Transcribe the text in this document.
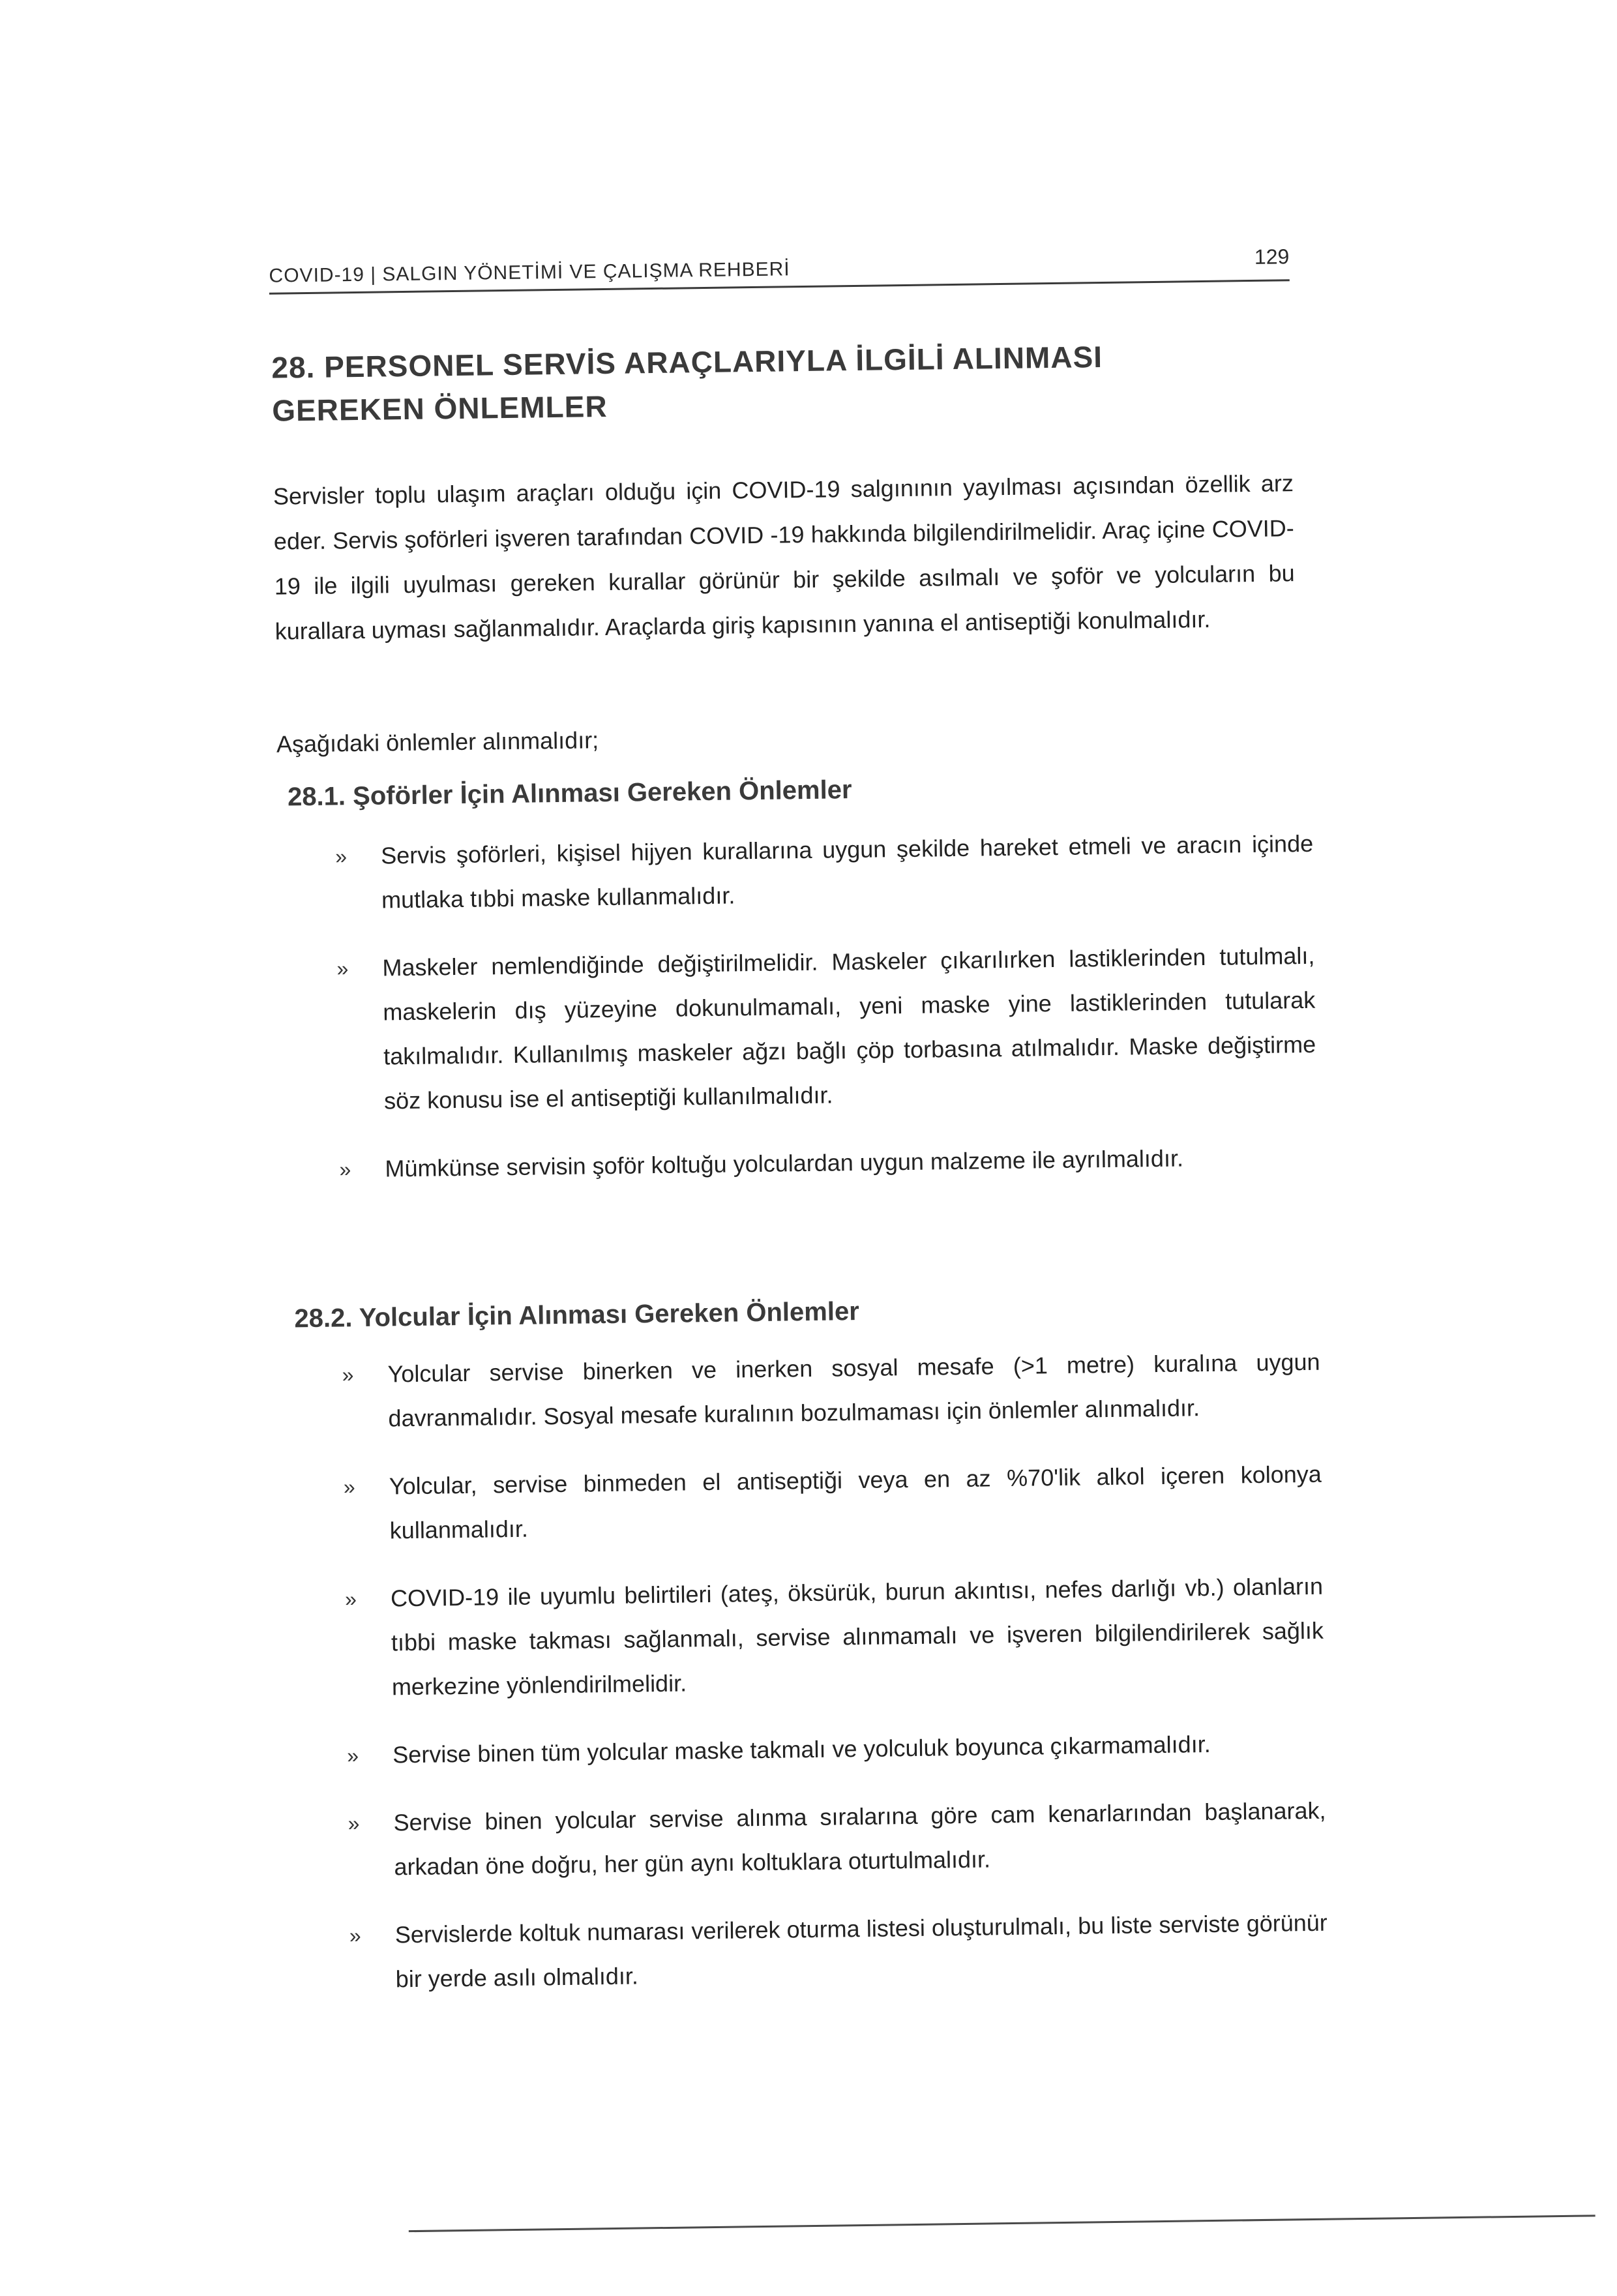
COVID-19 | SALGIN YÖNETİMİ VE ÇALIŞMA REHBERİ
129
28. PERSONEL SERVİS ARAÇLARIYLA İLGİLİ ALINMASI GEREKEN ÖNLEMLER

Servisler toplu ulaşım araçları olduğu için COVID-19 salgınının yayılması açısından özellik arz eder. Servis şoförleri işveren tarafından COVID -19 hakkında bilgilendirilmelidir. Araç içine COVID-19 ile ilgili uyulması gereken kurallar görünür bir şekilde asılmalı ve şoför ve yolcuların bu kurallara uyması sağlanmalıdır. Araçlarda giriş kapısının yanına el antiseptiği konulmalıdır.

Aşağıdaki önlemler alınmalıdır;

28.1. Şoförler İçin Alınması Gereken Önlemler
» Servis şoförleri, kişisel hijyen kurallarına uygun şekilde hareket etmeli ve aracın içinde mutlaka tıbbi maske kullanmalıdır.
» Maskeler nemlendiğinde değiştirilmelidir. Maskeler çıkarılırken lastiklerinden tutulmalı, maskelerin dış yüzeyine dokunulmamalı, yeni maske yine lastiklerinden tutularak takılmalıdır. Kullanılmış maskeler ağzı bağlı çöp torbasına atılmalıdır. Maske değiştirme söz konusu ise el antiseptiği kullanılmalıdır.
» Mümkünse servisin şoför koltuğu yolculardan uygun malzeme ile ayrılmalıdır.
28.2. Yolcular İçin Alınması Gereken Önlemler
» Yolcular servise binerken ve inerken sosyal mesafe (>1 metre) kuralına uygun davranmalıdır. Sosyal mesafe kuralının bozulmaması için önlemler alınmalıdır.
» Yolcular, servise binmeden el antiseptiği veya en az %70'lik alkol içeren kolonya kullanmalıdır.
» COVID-19 ile uyumlu belirtileri (ateş, öksürük, burun akıntısı, nefes darlığı vb.) olanların tıbbi maske takması sağlanmalı, servise alınmamalı ve işveren bilgilendirilerek sağlık merkezine yönlendirilmelidir.
» Servise binen tüm yolcular maske takmalı ve yolculuk boyunca çıkarmamalıdır.
» Servise binen yolcular servise alınma sıralarına göre cam kenarlarından başlanarak, arkadan öne doğru, her gün aynı koltuklara oturtulmalıdır.
» Servislerde koltuk numarası verilerek oturma listesi oluşturulmalı, bu liste serviste görünür bir yerde asılı olmalıdır.
